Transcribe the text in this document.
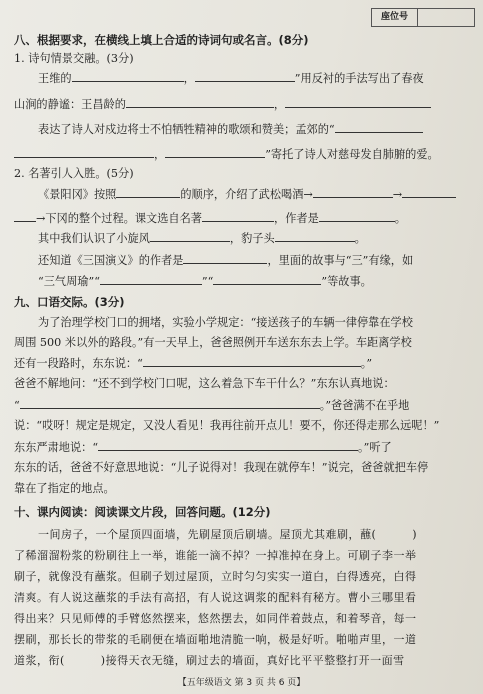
座位号
八、根据要求，在横线上填上合适的诗词句或名言。(8分)
1. 诗句情景交融。(3分)
王维的	，	”用反衬的手法写出了春夜
山涧的静谧：王昌龄的	，
表达了诗人对戍边将士不怕牺牲精神的歌颂和赞美；孟郊的“
，	”寄托了诗人对慈母发自肺腑的爱。
2. 名著引人入胜。(5分)
《景阳冈》按照	的顺序，介绍了武松喝酒→	→
→下冈的整个过程。课文选自名著	，作者是	。
其中我们认识了小旋风	，豹子头	。
还知道《三国演义》的作者是	，里面的故事与“三”有缘，如
“三气周瑜”“	”“	”等故事。
九、口语交际。(3分)
为了治理学校门口的拥堵，实验小学规定：“接送孩子的车辆一律停靠在学校
周围 500 米以外的路段。”有一天早上，爸爸照例开车送东东去上学。车距离学校
还有一段路时，东东说：“	。”
爸爸不解地问：“还不到学校门口呢，这么着急下车干什么？”东东认真地说：
“	。”爸爸满不在乎地
说：“哎呀！规定是规定，又没人看见！我再往前开点儿！要不，你还得走那么远呢！”
东东严肃地说：“	。”听了
东东的话，爸爸不好意思地说：“儿子说得对！我现在就停车！”说完，爸爸就把车停
靠在了指定的地点。
十、课内阅读：阅读课文片段，回答问题。(12分)
一间房子，一个屋顶四面墙，先刷屋顶后刷墙。屋顶尤其难刷，蘸(	)
了稀溜溜粉浆的粉刷往上一举，谁能一滴不掉？一掉准掉在身上。可刷子李一举
刷子，就像没有蘸浆。但刷子划过屋顶，立时匀匀实实一道白，白得透亮，白得
清爽。有人说这蘸浆的手法有高招，有人说这调浆的配料有秘方。曹小三哪里看
得出来？只见师傅的手臂悠然摆来，悠然摆去，如同伴着鼓点，和着琴音，每一
摆刷，那长长的带浆的毛刷便在墙面啪地清脆一响，极是好听。啪啪声里，一道
道浆，衔(	)接得天衣无缝，刷过去的墙面，真好比平平整整打开一面雪
【五年级语文 第 3 页 共 6 页】
